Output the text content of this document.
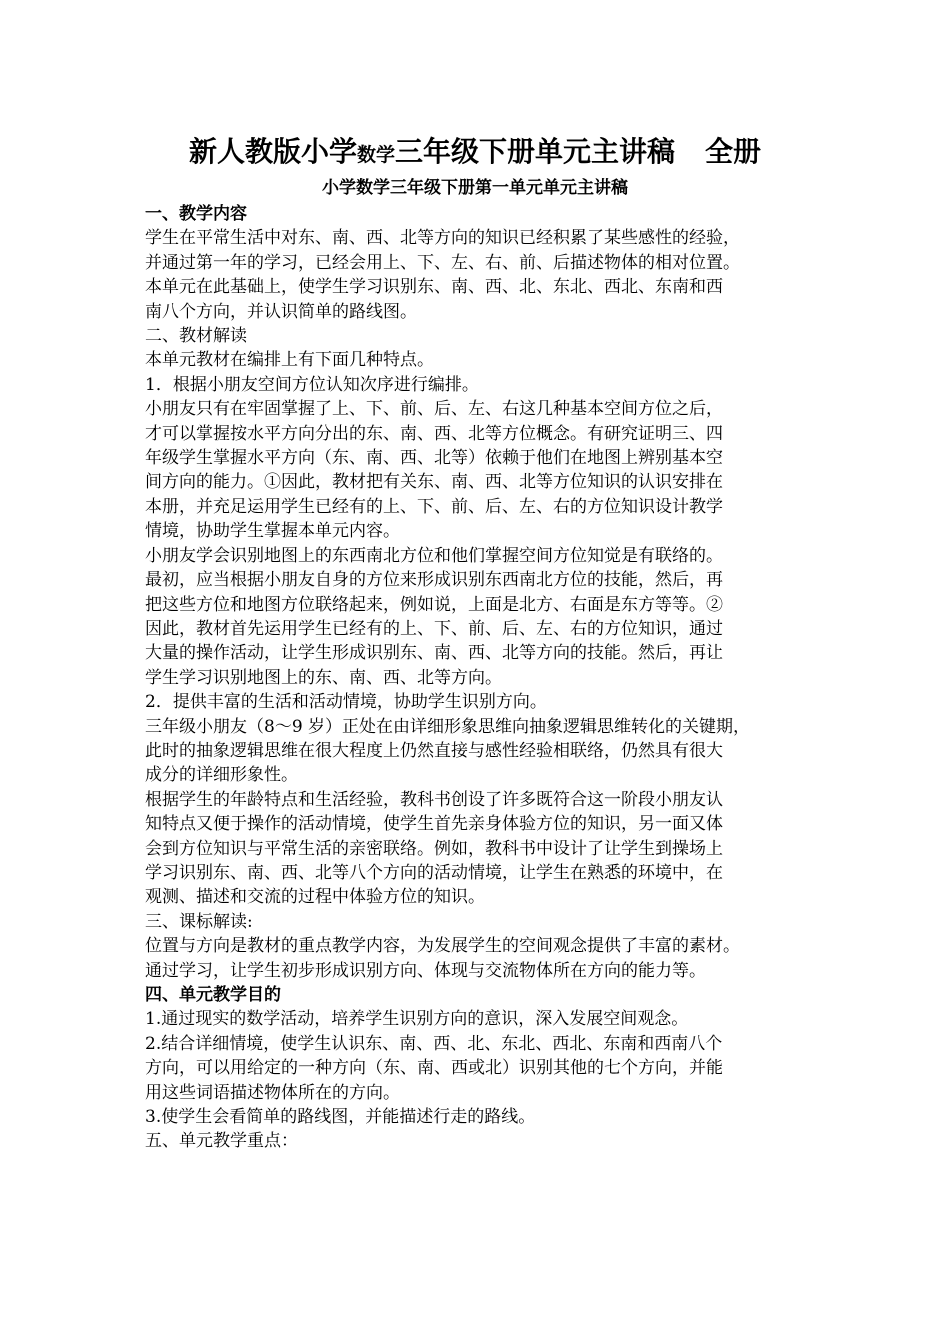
新人教版小学数学三年级下册单元主讲稿 全册
小学数学三年级下册第一单元单元主讲稿

一、教学内容

学生在平常生活中对东、南、西、北等方向的知识已经积累了某些感性的经验，

并通过第一年的学习，已经会用上、下、左、右、前、后描述物体的相对位置。

本单元在此基础上，使学生学习识别东、南、西、北、东北、西北、东南和西

南八个方向，并认识简单的路线图。

二、教材解读

本单元教材在编排上有下面几种特点。

1．根据小朋友空间方位认知次序进行编排。

小朋友只有在牢固掌握了上、下、前、后、左、右这几种基本空间方位之后，

才可以掌握按水平方向分出的东、南、西、北等方位概念。有研究证明三、四

年级学生掌握水平方向（东、南、西、北等）依赖于他们在地图上辨别基本空

间方向的能力。①因此，教材把有关东、南、西、北等方位知识的认识安排在

本册，并充足运用学生已经有的上、下、前、后、左、右的方位知识设计教学

情境，协助学生掌握本单元内容。

小朋友学会识别地图上的东西南北方位和他们掌握空间方位知觉是有联络的。

最初，应当根据小朋友自身的方位来形成识别东西南北方位的技能，然后，再

把这些方位和地图方位联络起来，例如说，上面是北方、右面是东方等等。②

因此，教材首先运用学生已经有的上、下、前、后、左、右的方位知识，通过

大量的操作活动，让学生形成识别东、南、西、北等方向的技能。然后，再让

学生学习识别地图上的东、南、西、北等方向。

2．提供丰富的生活和活动情境，协助学生识别方向。

三年级小朋友（8～9 岁）正处在由详细形象思维向抽象逻辑思维转化的关键期，

此时的抽象逻辑思维在很大程度上仍然直接与感性经验相联络，仍然具有很大

成分的详细形象性。

根据学生的年龄特点和生活经验，教科书创设了许多既符合这一阶段小朋友认

知特点又便于操作的活动情境，使学生首先亲身体验方位的知识，另一面又体

会到方位知识与平常生活的亲密联络。例如，教科书中设计了让学生到操场上

学习识别东、南、西、北等八个方向的活动情境，让学生在熟悉的环境中，在

观测、描述和交流的过程中体验方位的知识。

三、课标解读:

位置与方向是教材的重点教学内容，为发展学生的空间观念提供了丰富的素材。

通过学习，让学生初步形成识别方向、体现与交流物体所在方向的能力等。

四、单元教学目的

1.通过现实的数学活动，培养学生识别方向的意识，深入发展空间观念。

2.结合详细情境，使学生认识东、南、西、北、东北、西北、东南和西南八个

方向，可以用给定的一种方向（东、南、西或北）识别其他的七个方向，并能

用这些词语描述物体所在的方向。

3.使学生会看简单的路线图，并能描述行走的路线。

五、单元教学重点：
